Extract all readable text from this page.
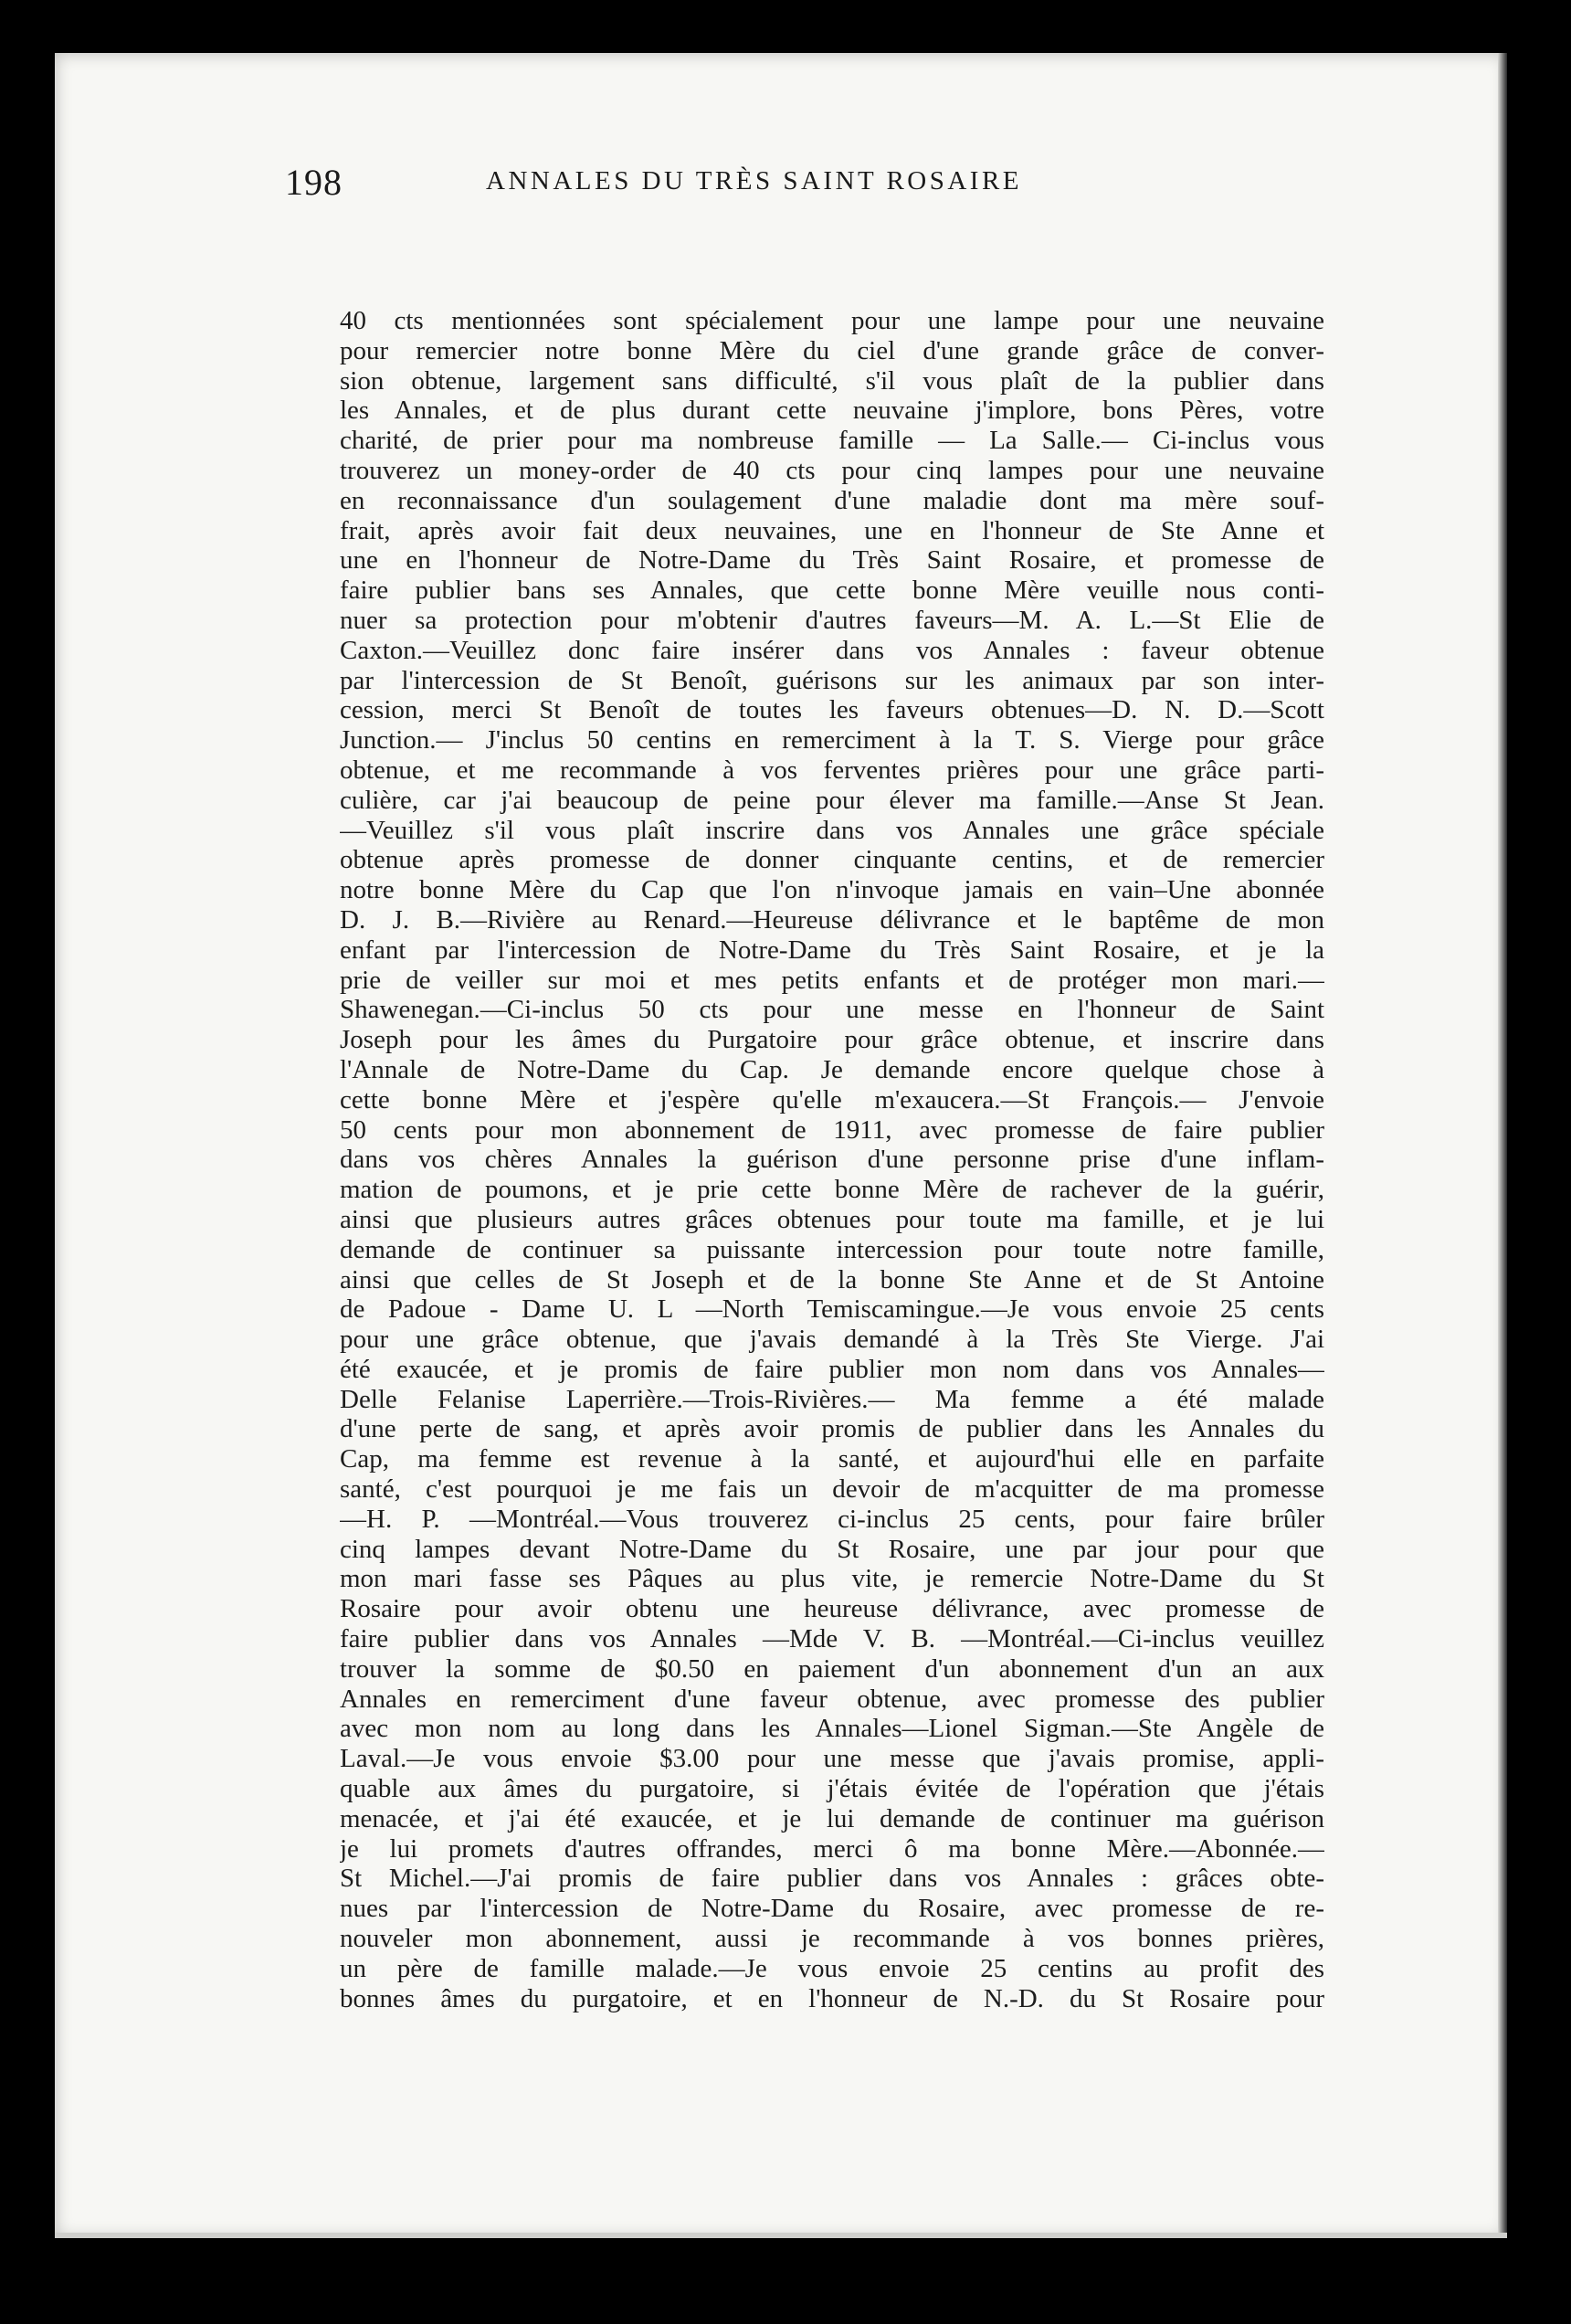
198	ANNALES DU TRÈS SAINT ROSAIRE
40 cts mentionnées sont spécialement pour une lampe pour une neuvaine
pour remercier notre bonne Mère du ciel d'une grande grâce de conver-
sion obtenue, largement sans difficulté, s'il vous plaît de la publier dans
les Annales, et de plus durant cette neuvaine j'implore, bons Pères, votre
charité, de prier pour ma nombreuse famille — La Salle.— Ci-inclus vous
trouverez un money-order de 40 cts pour cinq lampes pour une neuvaine
en reconnaissance d'un soulagement d'une maladie dont ma mère souf-
frait, après avoir fait deux neuvaines, une en l'honneur de Ste Anne et
une en l'honneur de Notre-Dame du Très Saint Rosaire, et promesse de
faire publier bans ses Annales, que cette bonne Mère veuille nous conti-
nuer sa protection pour m'obtenir d'autres faveurs—M. A. L.—St Elie de
Caxton.—Veuillez donc faire insérer dans vos Annales : faveur obtenue
par l'intercession de St Benoît, guérisons sur les animaux par son inter-
cession, merci St Benoît de toutes les faveurs obtenues—D. N. D.—Scott
Junction.— J'inclus 50 centins en remerciment à la T. S. Vierge pour grâce
obtenue, et me recommande à vos ferventes prières pour une grâce parti-
culière, car j'ai beaucoup de peine pour élever ma famille.—Anse St Jean.
—Veuillez s'il vous plaît inscrire dans vos Annales une grâce spéciale
obtenue après promesse de donner cinquante centins, et de remercier
notre bonne Mère du Cap que l'on n'invoque jamais en vain–Une abonnée
D. J. B.—Rivière au Renard.—Heureuse délivrance et le baptême de mon
enfant par l'intercession de Notre-Dame du Très Saint Rosaire, et je la
prie de veiller sur moi et mes petits enfants et de protéger mon mari.—
Shawenegan.—Ci-inclus 50 cts pour une messe en l'honneur de Saint
Joseph pour les âmes du Purgatoire pour grâce obtenue, et inscrire dans
l'Annale de Notre-Dame du Cap. Je demande encore quelque chose à
cette bonne Mère et j'espère qu'elle m'exaucera.—St François.— J'envoie
50 cents pour mon abonnement de 1911, avec promesse de faire publier
dans vos chères Annales la guérison d'une personne prise d'une inflam-
mation de poumons, et je prie cette bonne Mère de rachever de la guérir,
ainsi que plusieurs autres grâces obtenues pour toute ma famille, et je lui
demande de continuer sa puissante intercession pour toute notre famille,
ainsi que celles de St Joseph et de la bonne Ste Anne et de St Antoine
de Padoue - Dame U. L —North Temiscamingue.—Je vous envoie 25 cents
pour une grâce obtenue, que j'avais demandé à la Très Ste Vierge. J'ai
été exaucée, et je promis de faire publier mon nom dans vos Annales—
Delle Felanise Laperrière.—Trois-Rivières.— Ma femme a été malade
d'une perte de sang, et après avoir promis de publier dans les Annales du
Cap, ma femme est revenue à la santé, et aujourd'hui elle en parfaite
santé, c'est pourquoi je me fais un devoir de m'acquitter de ma promesse
—H. P. —Montréal.—Vous trouverez ci-inclus 25 cents, pour faire brûler
cinq lampes devant Notre-Dame du St Rosaire, une par jour pour que
mon mari fasse ses Pâques au plus vite, je remercie Notre-Dame du St
Rosaire pour avoir obtenu une heureuse délivrance, avec promesse de
faire publier dans vos Annales —Mde V. B. —Montréal.—Ci-inclus veuillez
trouver la somme de $0.50 en paiement d'un abonnement d'un an aux
Annales en remerciment d'une faveur obtenue, avec promesse des publier
avec mon nom au long dans les Annales—Lionel Sigman.—Ste Angèle de
Laval.—Je vous envoie $3.00 pour une messe que j'avais promise, appli-
quable aux âmes du purgatoire, si j'étais évitée de l'opération que j'étais
menacée, et j'ai été exaucée, et je lui demande de continuer ma guérison
je lui promets d'autres offrandes, merci ô ma bonne Mère.—Abonnée.—
St Michel.—J'ai promis de faire publier dans vos Annales : grâces obte-
nues par l'intercession de Notre-Dame du Rosaire, avec promesse de re-
nouveler mon abonnement, aussi je recommande à vos bonnes prières,
un père de famille malade.—Je vous envoie 25 centins au profit des
bonnes âmes du purgatoire, et en l'honneur de N.-D. du St Rosaire pour
